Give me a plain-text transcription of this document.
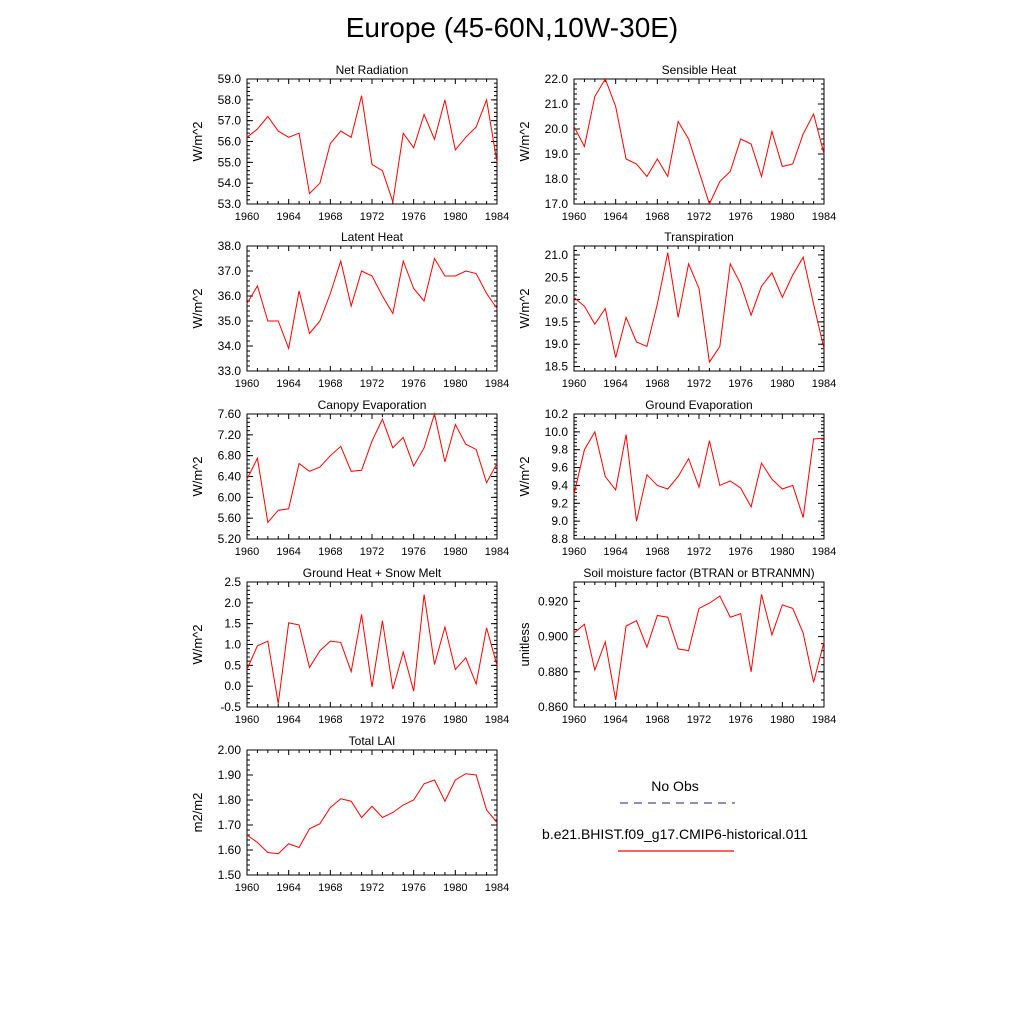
Europe (45-60N,10W-30E)
Net Radiation
W/m^2
1960 1964 1968 1972 1976 1980 1984
53.0
54.0
55.0
56.0
57.0
58.0
59.0
Sensible Heat
W/m^2
1960 1964 1968 1972 1976 1980 1984
17.0
18.0
19.0
20.0
21.0
22.0
Latent Heat
W/m^2
1960 1964 1968 1972 1976 1980 1984
33.0
34.0
35.0
36.0
37.0
38.0
Transpiration
W/m^2
1960 1964 1968 1972 1976 1980 1984
18.5
19.0
19.5
20.0
20.5
21.0
Canopy Evaporation
W/m^2
1960 1964 1968 1972 1976 1980 1984
5.20
5.60
6.00
6.40
6.80
7.20
7.60
Ground Evaporation
W/m^2
1960 1964 1968 1972 1976 1980 1984
8.8
9.0
9.2
9.4
9.6
9.8
10.0
10.2
Ground Heat + Snow Melt
W/m^2
1960 1964 1968 1972 1976 1980 1984
-0.5
0.0
0.5
1.0
1.5
2.0
2.5
Soil moisture factor (BTRAN or BTRANMN)
unitless
1960 1964 1968 1972 1976 1980 1984
0.860
0.880
0.900
0.920
Total LAI
m2/m2
1960 1964 1968 1972 1976 1980 1984
1.50
1.60
1.70
1.80
1.90
2.00
No Obs
b.e21.BHIST.f09_g17.CMIP6-historical.011
